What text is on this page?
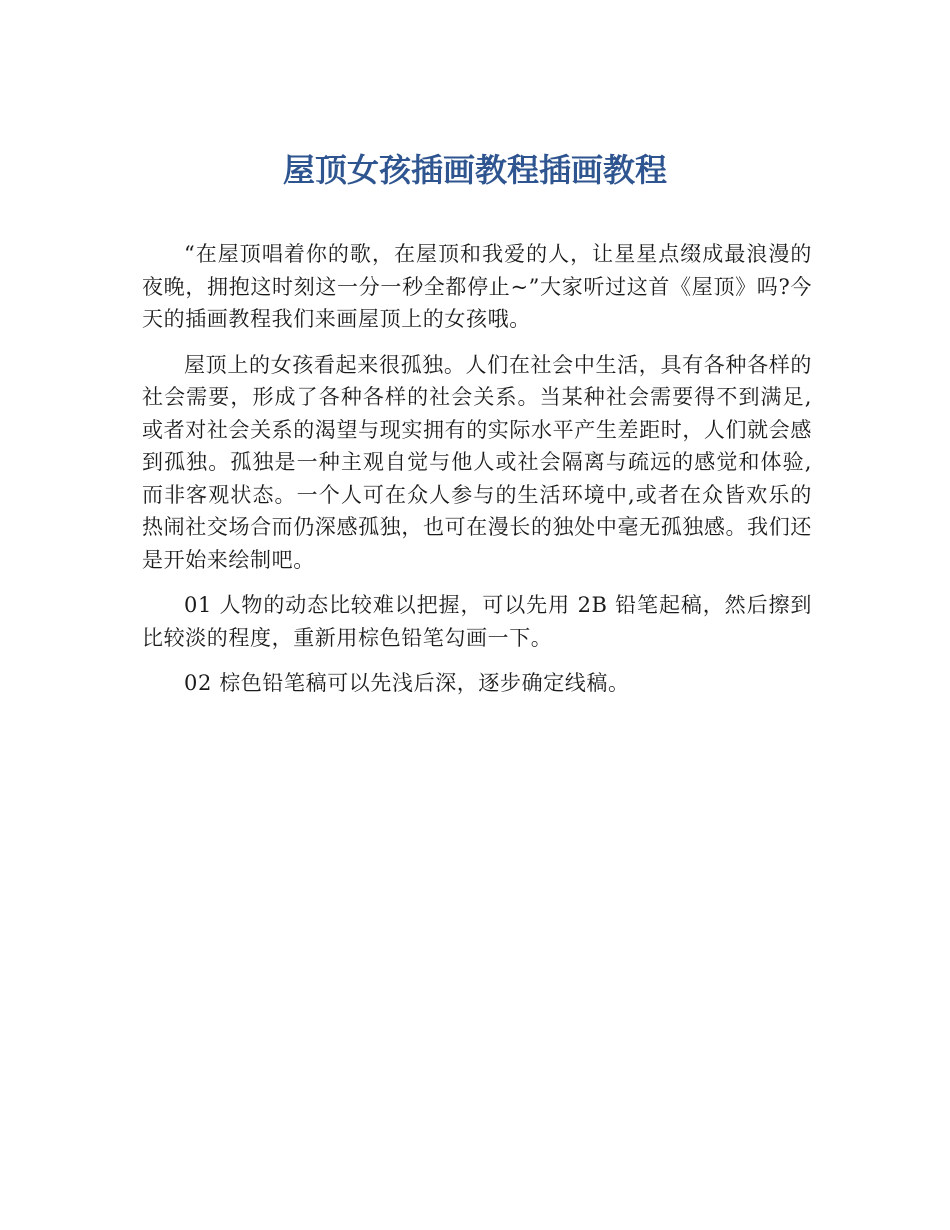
屋顶女孩插画教程插画教程

“在屋顶唱着你的歌，在屋顶和我爱的人，让星星点缀成最浪漫的夜晚，拥抱这时刻这一分一秒全都停止~”大家听过这首《屋顶》吗?今天的插画教程我们来画屋顶上的女孩哦。

屋顶上的女孩看起来很孤独。人们在社会中生活，具有各种各样的社会需要，形成了各种各样的社会关系。当某种社会需要得不到满足,或者对社会关系的渴望与现实拥有的实际水平产生差距时，人们就会感到孤独。孤独是一种主观自觉与他人或社会隔离与疏远的感觉和体验,而非客观状态。一个人可在众人参与的生活环境中,或者在众皆欢乐的热闹社交场合而仍深感孤独，也可在漫长的独处中毫无孤独感。我们还是开始来绘制吧。

01 人物的动态比较难以把握，可以先用 2B 铅笔起稿，然后擦到比较淡的程度，重新用棕色铅笔勾画一下。

02 棕色铅笔稿可以先浅后深，逐步确定线稿。
